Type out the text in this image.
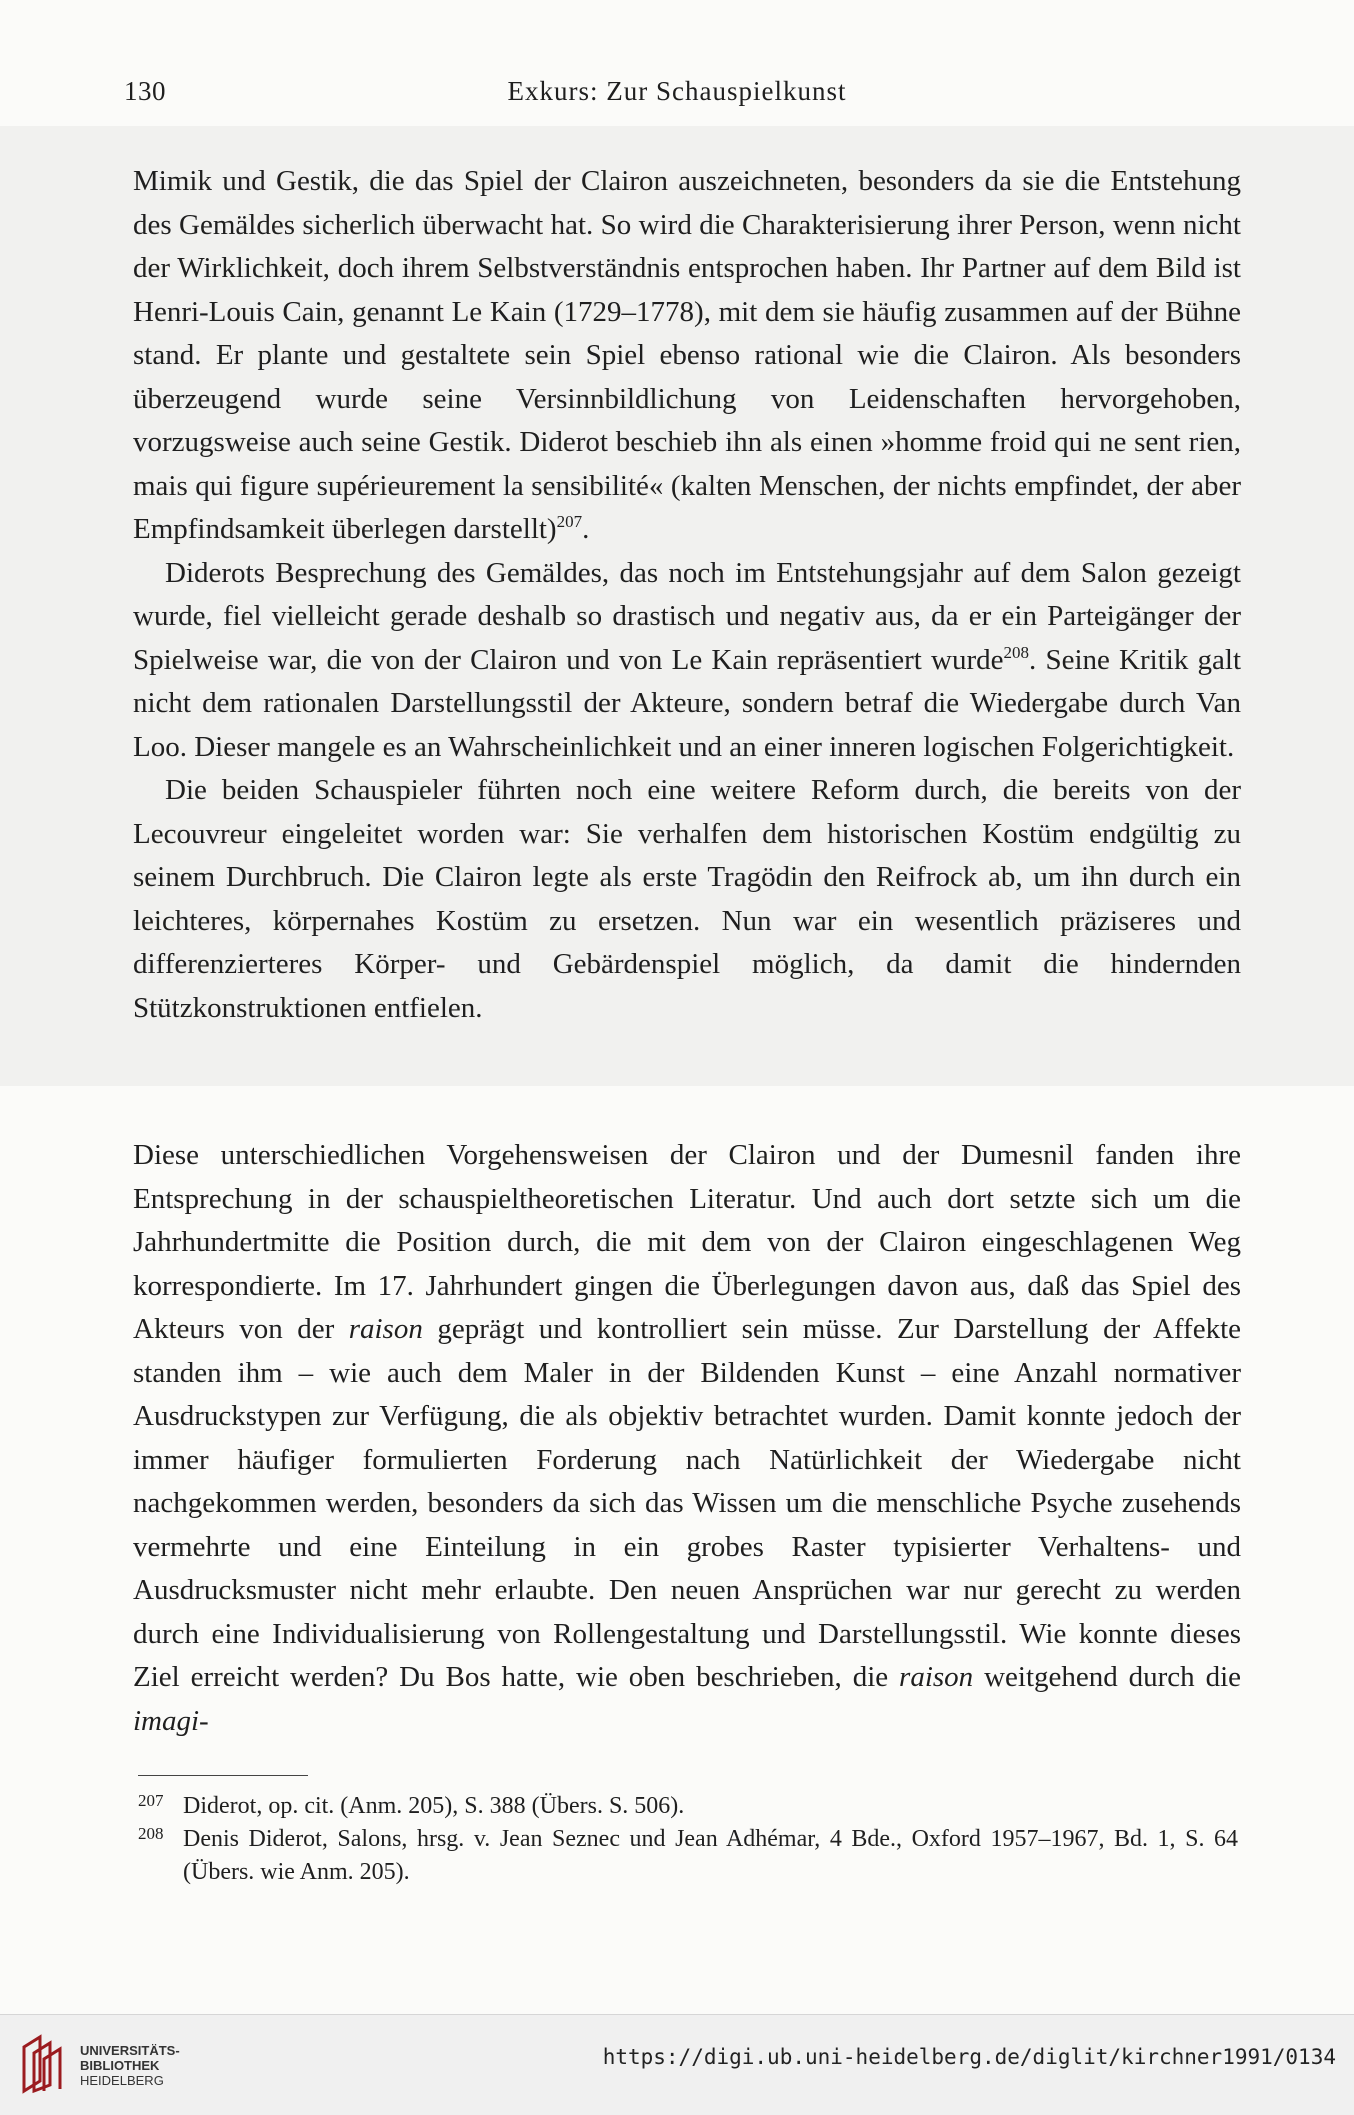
130	Exkurs: Zur Schauspielkunst

Mimik und Gestik, die das Spiel der Clairon auszeichneten, besonders da sie die Entstehung des Gemäldes sicherlich überwacht hat. So wird die Charakterisierung ihrer Person, wenn nicht der Wirklichkeit, doch ihrem Selbstverständnis entsprochen haben. Ihr Partner auf dem Bild ist Henri-Louis Cain, genannt Le Kain (1729–1778), mit dem sie häufig zusammen auf der Bühne stand. Er plante und gestaltete sein Spiel ebenso rational wie die Clairon. Als besonders überzeugend wurde seine Versinnbildlichung von Leidenschaften hervorgehoben, vorzugsweise auch seine Gestik. Diderot beschieb ihn als einen »homme froid qui ne sent rien, mais qui figure supérieurement la sensibilité« (kalten Menschen, der nichts empfindet, der aber Empfindsamkeit überlegen darstellt)$^{207}$.

Diderots Besprechung des Gemäldes, das noch im Entstehungsjahr auf dem Salon gezeigt wurde, fiel vielleicht gerade deshalb so drastisch und negativ aus, da er ein Parteigänger der Spielweise war, die von der Clairon und von Le Kain repräsentiert wurde$^{208}$. Seine Kritik galt nicht dem rationalen Darstellungsstil der Akteure, sondern betraf die Wiedergabe durch Van Loo. Dieser mangele es an Wahrscheinlichkeit und an einer inneren logischen Folgerichtigkeit.

Die beiden Schauspieler führten noch eine weitere Reform durch, die bereits von der Lecouvreur eingeleitet worden war: Sie verhalfen dem historischen Kostüm endgültig zu seinem Durchbruch. Die Clairon legte als erste Tragödin den Reifrock ab, um ihn durch ein leichteres, körpernahes Kostüm zu ersetzen. Nun war ein wesentlich präziseres und differenzierteres Körper- und Gebärdenspiel möglich, da damit die hindernden Stützkonstruktionen entfielen.

Diese unterschiedlichen Vorgehensweisen der Clairon und der Dumesnil fanden ihre Entsprechung in der schauspieltheoretischen Literatur. Und auch dort setzte sich um die Jahrhundertmitte die Position durch, die mit dem von der Clairon eingeschlagenen Weg korrespondierte. Im 17. Jahrhundert gingen die Überlegungen davon aus, daß das Spiel des Akteurs von der raison geprägt und kontrolliert sein müsse. Zur Darstellung der Affekte standen ihm – wie auch dem Maler in der Bildenden Kunst – eine Anzahl normativer Ausdruckstypen zur Verfügung, die als objektiv betrachtet wurden. Damit konnte jedoch der immer häufiger formulierten Forderung nach Natürlichkeit der Wiedergabe nicht nachgekommen werden, besonders da sich das Wissen um die menschliche Psyche zusehends vermehrte und eine Einteilung in ein grobes Raster typisierter Verhaltens- und Ausdrucksmuster nicht mehr erlaubte. Den neuen Ansprüchen war nur gerecht zu werden durch eine Individualisierung von Rollengestaltung und Darstellungsstil. Wie konnte dieses Ziel erreicht werden? Du Bos hatte, wie oben beschrieben, die raison weitgehend durch die imagi-

207 Diderot, op. cit. (Anm. 205), S. 388 (Übers. S. 506).
208 Denis Diderot, Salons, hrsg. v. Jean Seznec und Jean Adhémar, 4 Bde., Oxford 1957–1967, Bd. 1, S. 64 (Übers. wie Anm. 205).
UNIVERSITÄTS-
BIBLIOTHEK
HEIDELBERG
https://digi.ub.uni-heidelberg.de/diglit/kirchner1991/0134
